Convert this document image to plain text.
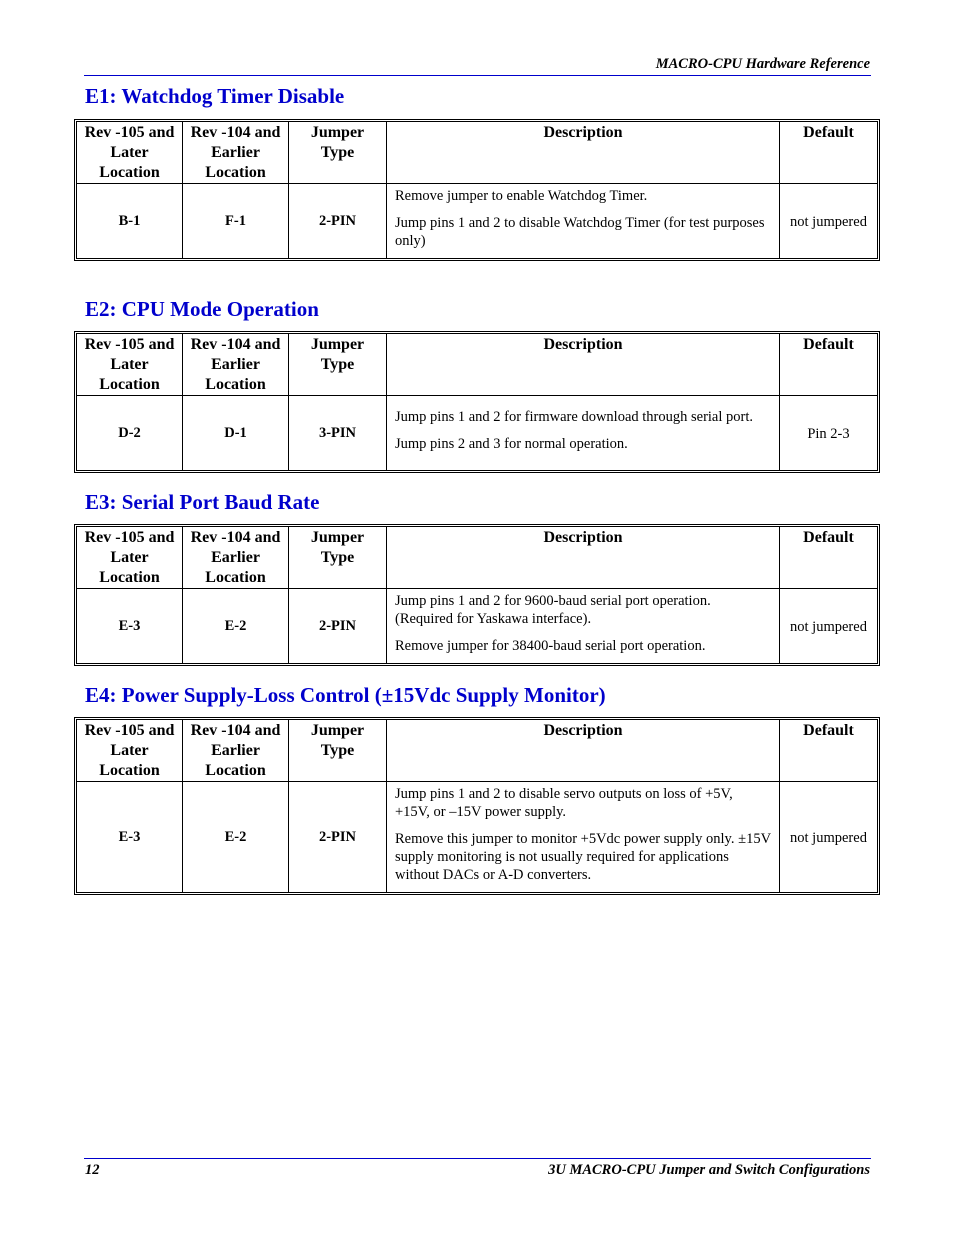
MACRO-CPU Hardware Reference
E1: Watchdog Timer Disable
Rev -105 and Later Location	Rev -104 and Earlier Location	Jumper Type	Description	Default
B-1	F-1	2-PIN	Remove jumper to enable Watchdog Timer.

Jump pins 1 and 2 to disable Watchdog Timer (for test purposes only)	not jumpered
E2: CPU Mode Operation
Rev -105 and Later Location	Rev -104 and Earlier Location	Jumper Type	Description	Default
D-2	D-1	3-PIN	Jump pins 1 and 2 for firmware download through serial port.

Jump pins 2 and 3 for normal operation.	Pin 2-3
E3: Serial Port Baud Rate
Rev -105 and Later Location	Rev -104 and Earlier Location	Jumper Type	Description	Default
E-3	E-2	2-PIN	Jump pins 1 and 2 for 9600-baud serial port operation. (Required for Yaskawa interface).

Remove jumper for 38400-baud serial port operation.	not jumpered
E4: Power Supply-Loss Control (±15Vdc Supply Monitor)
Rev -105 and Later Location	Rev -104 and Earlier Location	Jumper Type	Description	Default
E-3	E-2	2-PIN	Jump pins 1 and 2 to disable servo outputs on loss of +5V, +15V, or –15V power supply.

Remove this jumper to monitor +5Vdc power supply only. ±15V supply monitoring is not usually required for applications without DACs or A-D converters.	not jumpered
12	3U MACRO-CPU Jumper and Switch Configurations
